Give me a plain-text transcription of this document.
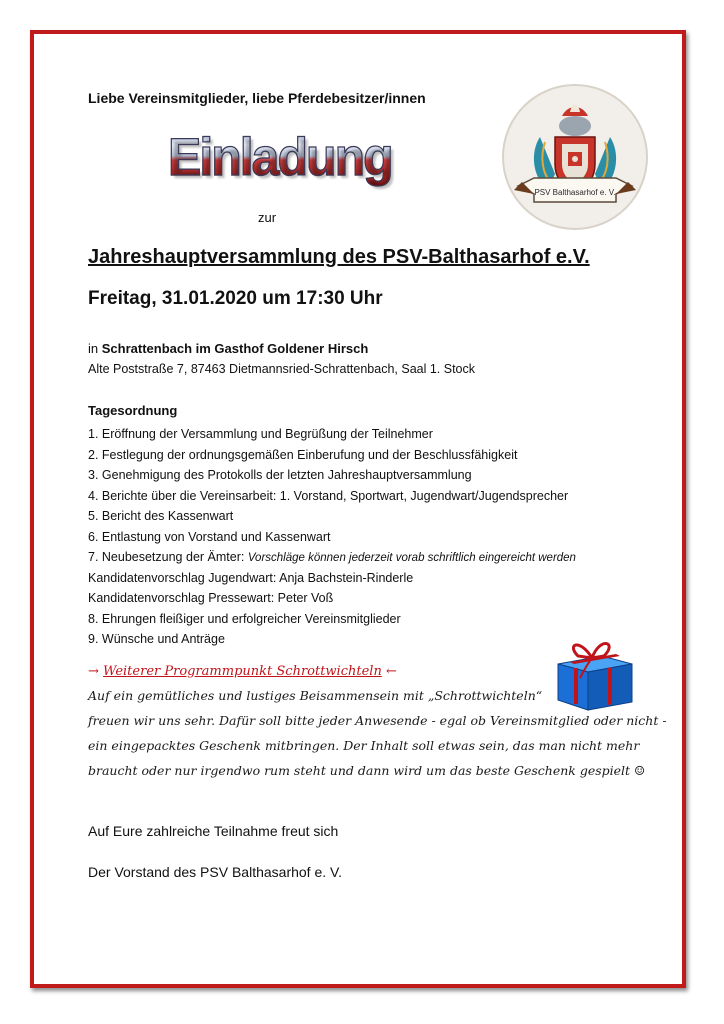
Liebe Vereinsmitglieder, liebe Pferdebesitzer/innen
Einladung
zur
Jahreshauptversammlung des PSV-Balthasarhof e.V.
Freitag, 31.01.2020 um 17:30 Uhr
in Schrattenbach im Gasthof Goldener Hirsch
Alte Poststraße 7, 87463 Dietmannsried-Schrattenbach, Saal 1. Stock
Tagesordnung
1. Eröffnung der Versammlung und Begrüßung der Teilnehmer
2. Festlegung der ordnungsgemäßen Einberufung und der Beschlussfähigkeit
3. Genehmigung des Protokolls der letzten Jahreshauptversammlung
4. Berichte über die Vereinsarbeit: 1. Vorstand, Sportwart, Jugendwart/Jugendsprecher
5. Bericht des Kassenwart
6. Entlastung von Vorstand und Kassenwart
7. Neubesetzung der Ämter: Vorschläge können jederzeit vorab schriftlich eingereicht werden
Kandidatenvorschlag Jugendwart: Anja Bachstein-Rinderle
Kandidatenvorschlag Pressewart: Peter Voß
8. Ehrungen fleißiger und erfolgreicher Vereinsmitglieder
9. Wünsche und Anträge
→ Weiterer Programmpunkt Schrottwichteln ←
Auf ein gemütliches und lustiges Beisammensein mit „Schrottwichteln“
freuen wir uns sehr. Dafür soll bitte jeder Anwesende - egal ob Vereinsmitglied oder nicht -
ein eingepacktes Geschenk mitbringen. Der Inhalt soll etwas sein, das man nicht mehr
braucht oder nur irgendwo rum steht und dann wird um das beste Geschenk gespielt ☺
Auf Eure zahlreiche Teilnahme freut sich
Der Vorstand des PSV Balthasarhof e. V.
PSV Balthasarhof e. V.
